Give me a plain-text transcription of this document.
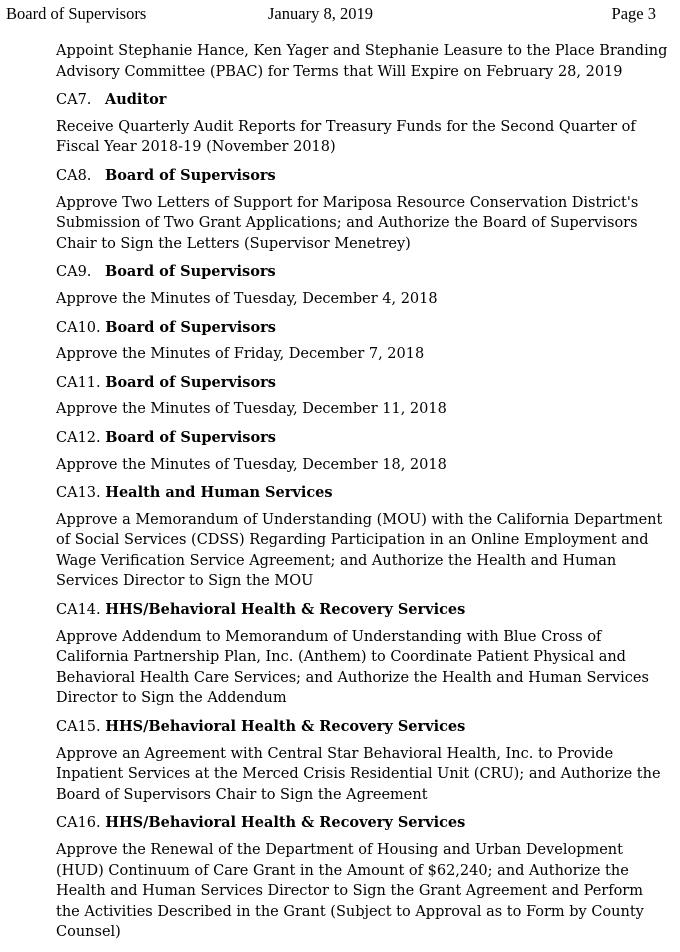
Board of Supervisors	January 8, 2019	Page 3

Appoint Stephanie Hance, Ken Yager and Stephanie Leasure to the Place Branding Advisory Committee (PBAC) for Terms that Will Expire on February 28, 2019

CA7. Auditor

Receive Quarterly Audit Reports for Treasury Funds for the Second Quarter of Fiscal Year 2018-19 (November 2018)

CA8. Board of Supervisors

Approve Two Letters of Support for Mariposa Resource Conservation District's Submission of Two Grant Applications; and Authorize the Board of Supervisors Chair to Sign the Letters (Supervisor Menetrey)

CA9. Board of Supervisors

Approve the Minutes of Tuesday, December 4, 2018

CA10. Board of Supervisors

Approve the Minutes of Friday, December 7, 2018

CA11. Board of Supervisors

Approve the Minutes of Tuesday, December 11, 2018

CA12. Board of Supervisors

Approve the Minutes of Tuesday, December 18, 2018

CA13. Health and Human Services

Approve a Memorandum of Understanding (MOU) with the California Department of Social Services (CDSS) Regarding Participation in an Online Employment and Wage Verification Service Agreement; and Authorize the Health and Human Services Director to Sign the MOU

CA14. HHS/Behavioral Health & Recovery Services

Approve Addendum to Memorandum of Understanding with Blue Cross of California Partnership Plan, Inc. (Anthem) to Coordinate Patient Physical and Behavioral Health Care Services; and Authorize the Health and Human Services Director to Sign the Addendum

CA15. HHS/Behavioral Health & Recovery Services

Approve an Agreement with Central Star Behavioral Health, Inc. to Provide Inpatient Services at the Merced Crisis Residential Unit (CRU); and Authorize the Board of Supervisors Chair to Sign the Agreement

CA16. HHS/Behavioral Health & Recovery Services

Approve the Renewal of the Department of Housing and Urban Development (HUD) Continuum of Care Grant in the Amount of $62,240; and Authorize the Health and Human Services Director to Sign the Grant Agreement and Perform the Activities Described in the Grant (Subject to Approval as to Form by County Counsel)
